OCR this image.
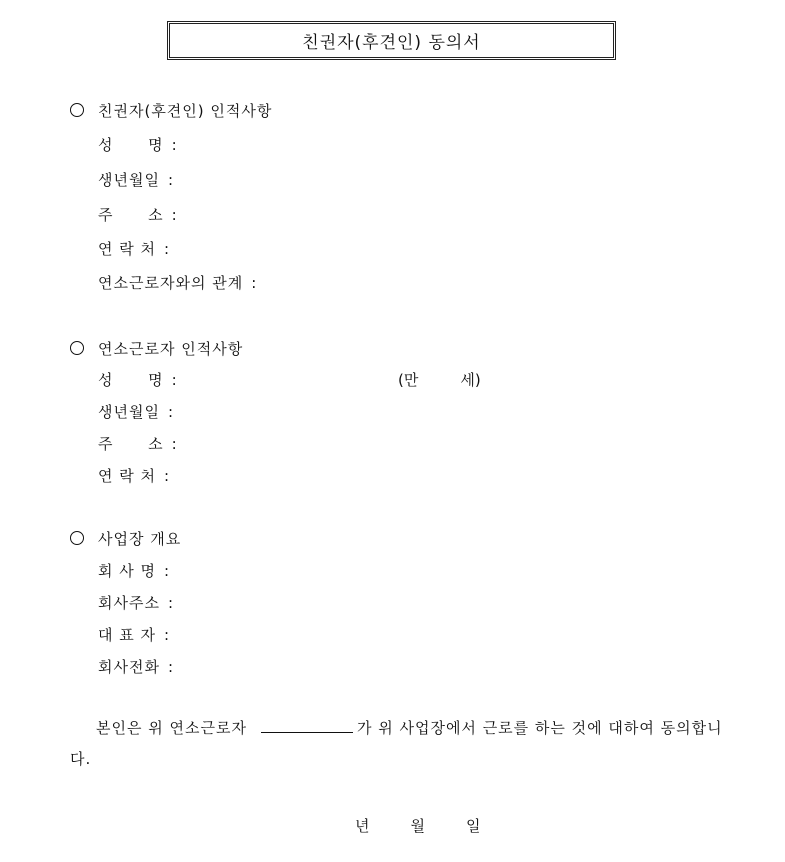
친권자(후견인) 동의서
친권자(후견인) 인적사항
성      명 :
생년월일 :
주      소 :
연 락 처 :
연소근로자와의 관계 :
연소근로자 인적사항
성      명 :	(만	세)
생년월일 :
주      소 :
연 락 처 :
사업장 개요
회 사 명 :
회사주소 :
대 표 자 :
회사전화 :
본인은 위 연소근로자	가 위 사업장에서 근로를 하는 것에 대하여 동의합니다.
년	월	일
